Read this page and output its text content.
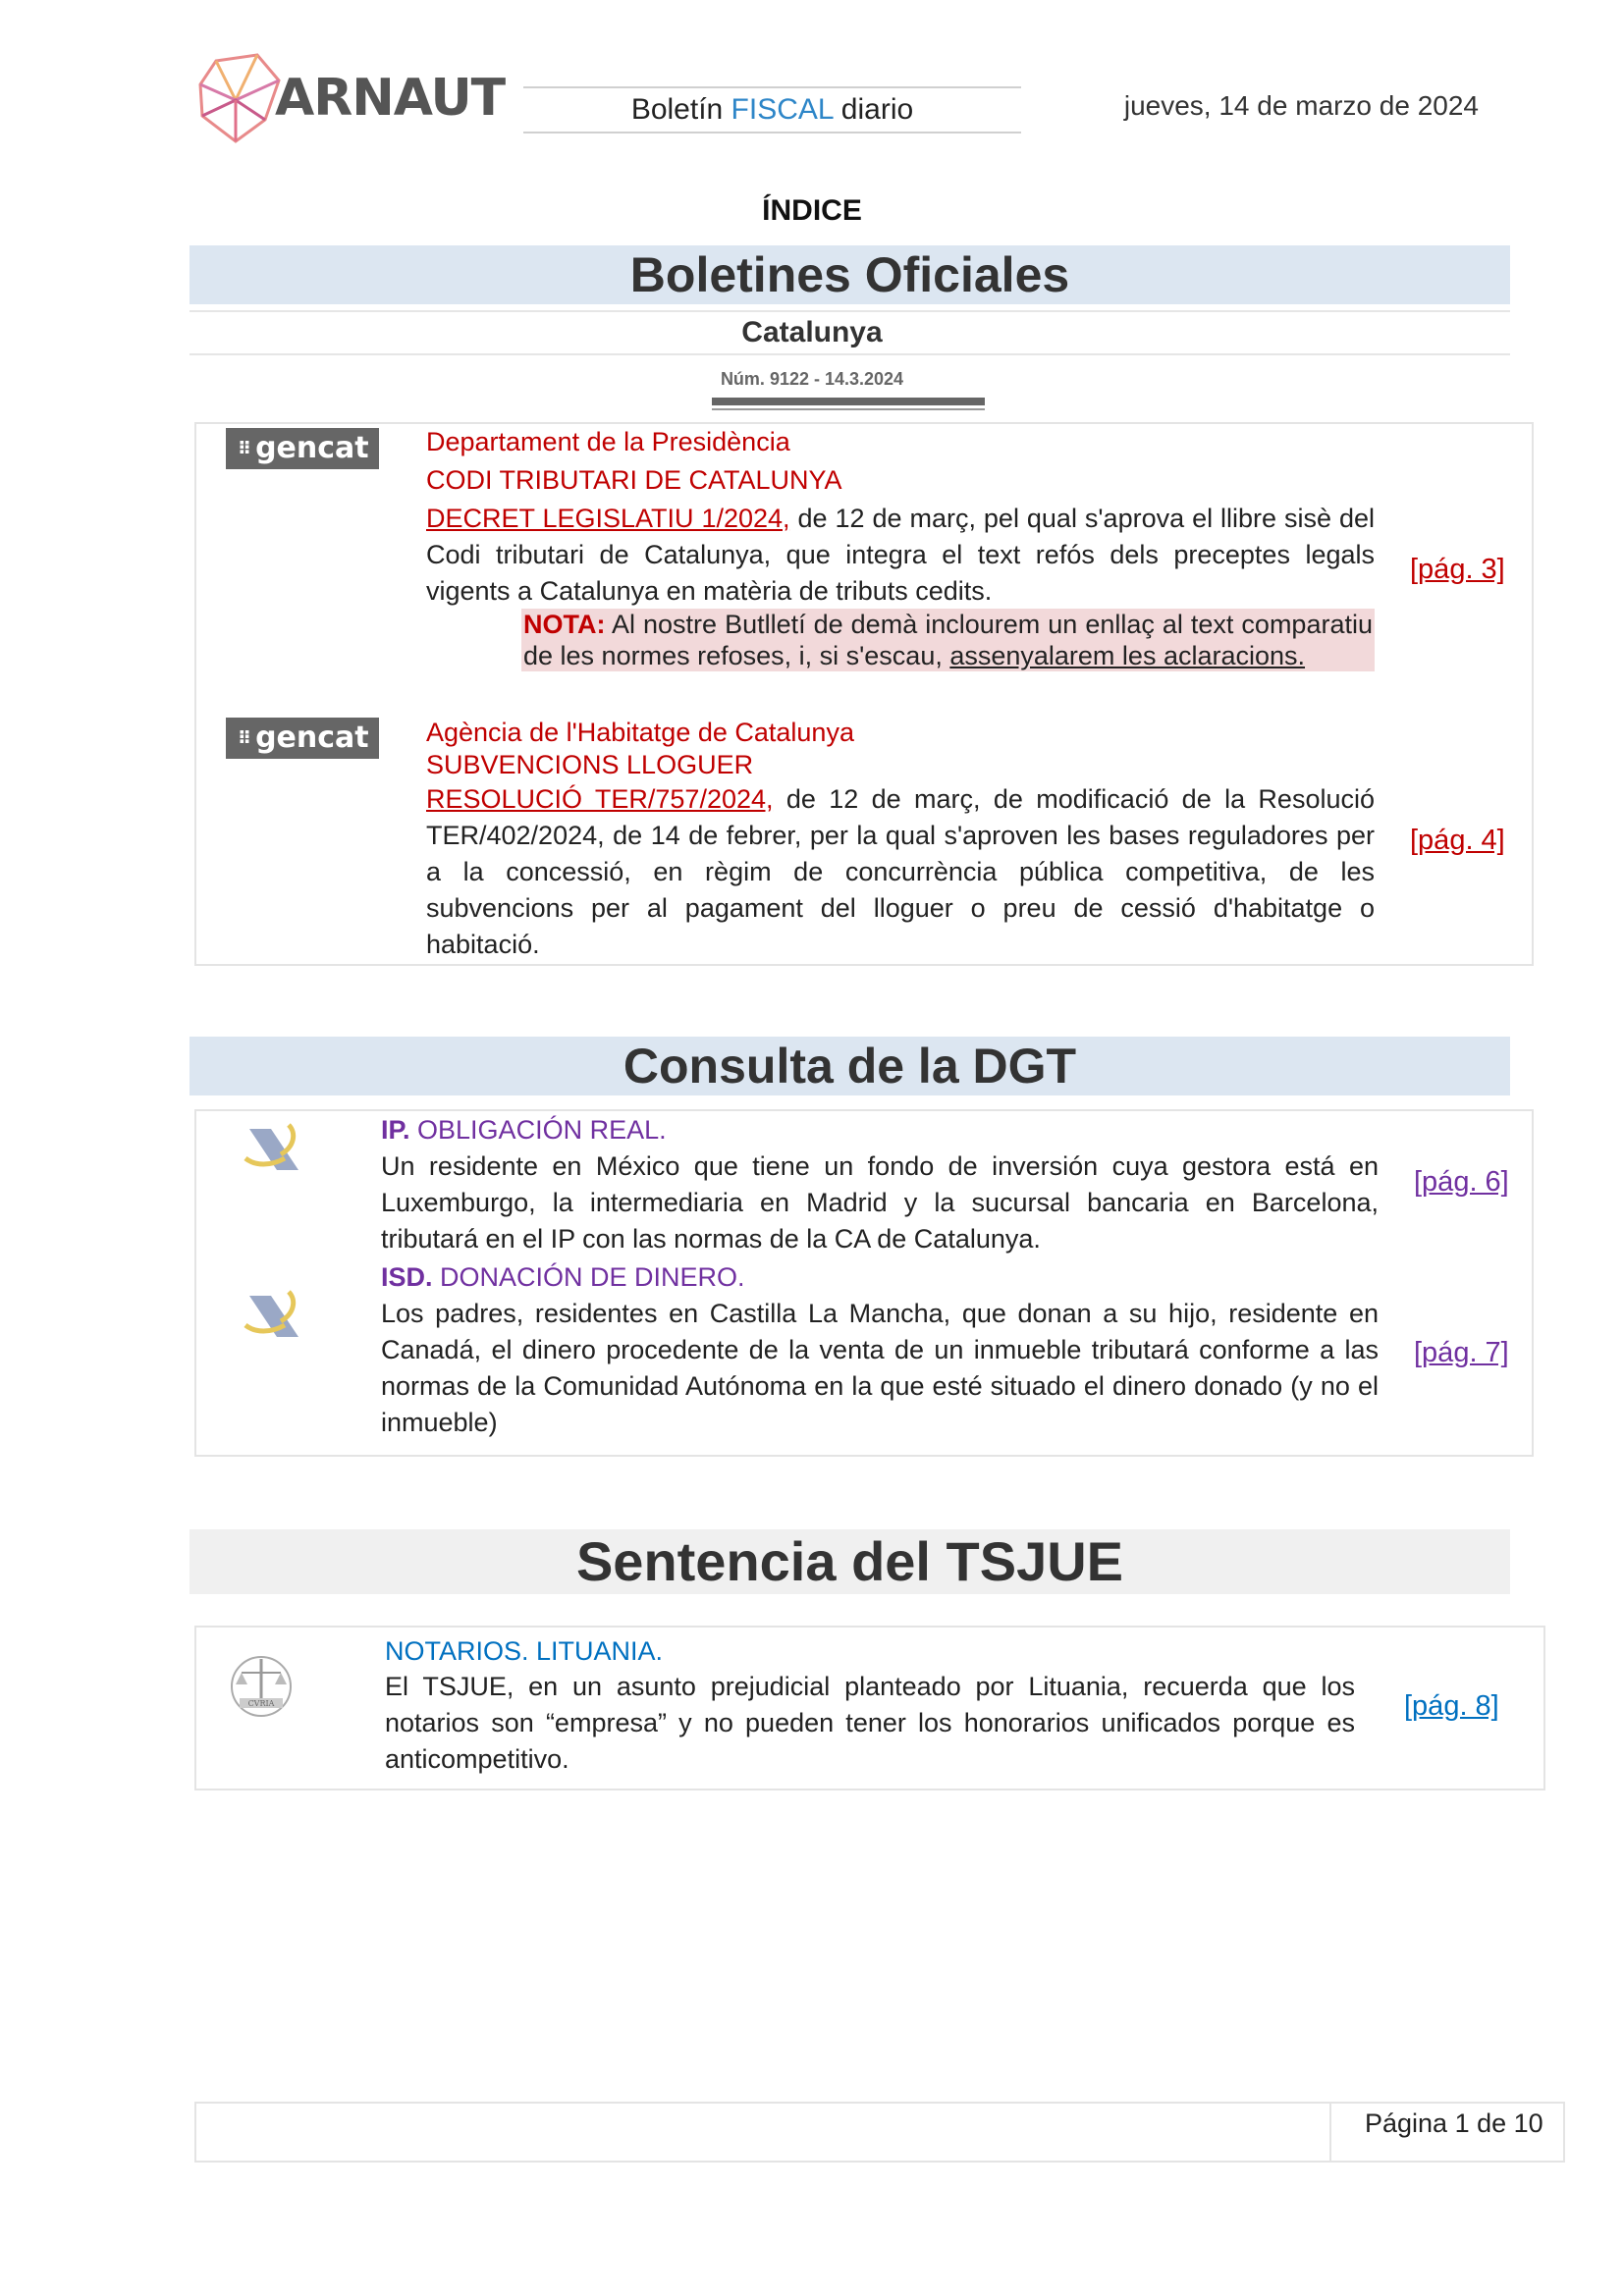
ARNAUT	Boletín FISCAL diario	jueves, 14 de marzo de 2024
ÍNDICE
Boletines Oficiales
Catalunya
Núm. 9122 - 14.3.2024
⠿ gencat	Departament de la Presidència
CODI TRIBUTARI DE CATALUNYA
DECRET LEGISLATIU 1/2024, de 12 de març, pel qual s'aprova el llibre sisè del Codi tributari de Catalunya, que integra el text refós dels preceptes legals vigents a Catalunya en matèria de tributs cedits.
NOTA: Al nostre Butlletí de demà inclourem un enllaç al text comparatiu de les normes refoses, i, si s'escau, assenyalarem les aclaracions.
[pág. 3]
⠿ gencat	Agència de l'Habitatge de Catalunya
SUBVENCIONS LLOGUER
RESOLUCIÓ TER/757/2024, de 12 de març, de modificació de la Resolució TER/402/2024, de 14 de febrer, per la qual s'aproven les bases reguladores per a la concessió, en règim de concurrència pública competitiva, de les subvencions per al pagament del lloguer o preu de cessió d'habitatge o habitació.
[pág. 4]
Consulta de la DGT
IP. OBLIGACIÓN REAL.
Un residente en México que tiene un fondo de inversión cuya gestora está en Luxemburgo, la intermediaria en Madrid y la sucursal bancaria en Barcelona, tributará en el IP con las normas de la CA de Catalunya.
[pág. 6]
ISD. DONACIÓN DE DINERO.
Los padres, residentes en Castilla La Mancha, que donan a su hijo, residente en Canadá, el dinero procedente de la venta de un inmueble tributará conforme a las normas de la Comunidad Autónoma en la que esté situado el dinero donado (y no el inmueble)
[pág. 7]
Sentencia del TSJUE
CVRIA
NOTARIOS. LITUANIA.
El TSJUE, en un asunto prejudicial planteado por Lituania, recuerda que los notarios son “empresa” y no pueden tener los honorarios unificados porque es anticompetitivo.
[pág. 8]
Página 1 de 10
